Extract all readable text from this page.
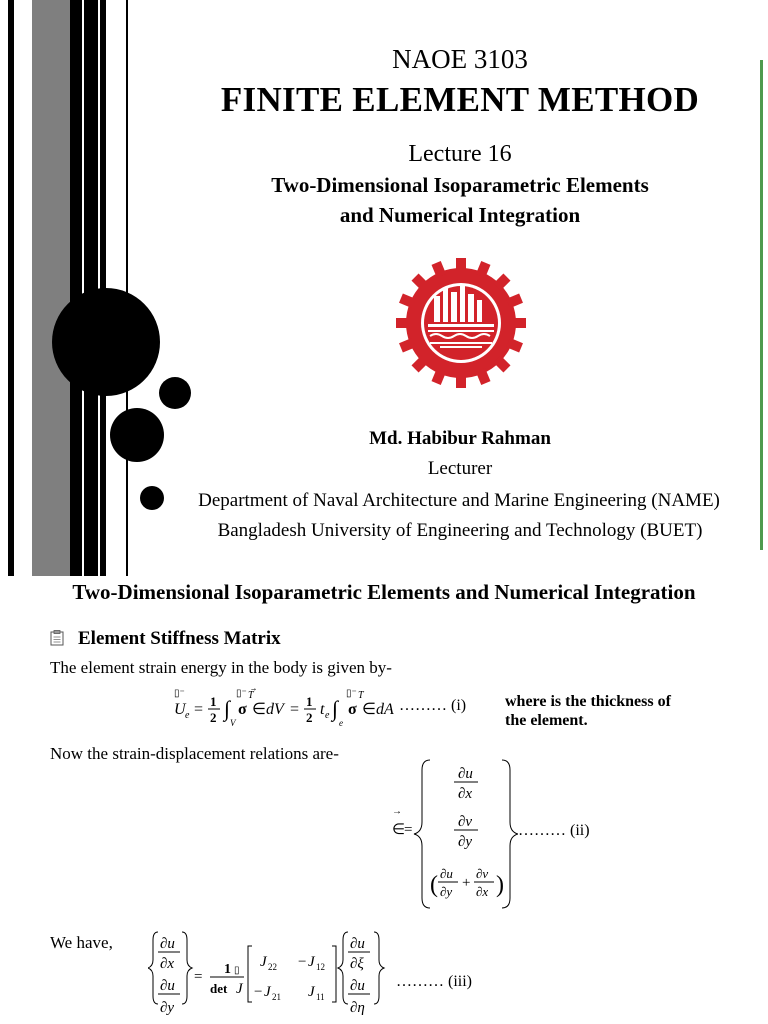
NAOE 3103
FINITE ELEMENT METHOD
Lecture 16
Two-Dimensional Isoparametric Elements
and Numerical Integration
Md. Habibur Rahman
Lecturer
Department of Naval Architecture and Marine Engineering (NAME)
Bangladesh University of Engineering and Technology (BUET)
Two-Dimensional Isoparametric Elements and Numerical Integration
Element Stiffness Matrix
The element strain energy in the body is given by-
▯⁻
U e = 1
2 ∫
V
▯⁻ T
σ ∈ dV = 1
2 t e ∫
e
▯⁻ T
σ ∈ dA ……… (i) where is the thickness of
the element.
Now the strain-displacement relations are-
→
∈
=
∂u
∂x
∂v
∂y
( ∂u
∂y
+
∂v
∂x )
……… (ii)
We have,	∂u
∂x
∂u
∂y
= 1
det J
▯
J 22 − J 12
− J 21 J 11
∂u
∂ξ
∂u
∂η
……… (iii)
